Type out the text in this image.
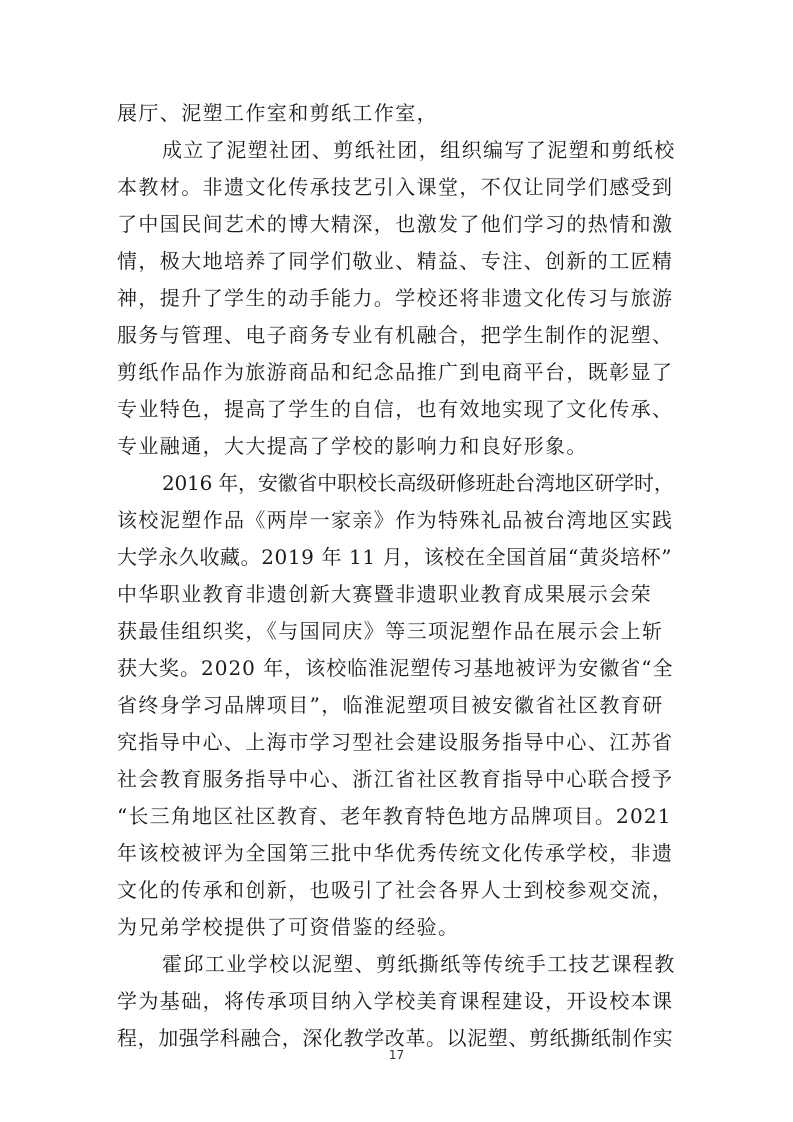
展厅、泥塑工作室和剪纸工作室，
成立了泥塑社团、剪纸社团，组织编写了泥塑和剪纸校
本教材。非遗文化传承技艺引入课堂，不仅让同学们感受到
了中国民间艺术的博大精深，也激发了他们学习的热情和激
情，极大地培养了同学们敬业、精益、专注、创新的工匠精
神，提升了学生的动手能力。学校还将非遗文化传习与旅游
服务与管理、电子商务专业有机融合，把学生制作的泥塑、
剪纸作品作为旅游商品和纪念品推广到电商平台，既彰显了
专业特色，提高了学生的自信，也有效地实现了文化传承、
专业融通，大大提高了学校的影响力和良好形象。
2016 年，安徽省中职校长高级研修班赴台湾地区研学时，
该校泥塑作品《两岸一家亲》作为特殊礼品被台湾地区实践
大学永久收藏。2019 年 11 月，该校在全国首届“黄炎培杯”
中华职业教育非遗创新大赛暨非遗职业教育成果展示会荣
获最佳组织奖，《与国同庆》等三项泥塑作品在展示会上斩
获大奖。2020 年，该校临淮泥塑传习基地被评为安徽省“全
省终身学习品牌项目”，临淮泥塑项目被安徽省社区教育研
究指导中心、上海市学习型社会建设服务指导中心、江苏省
社会教育服务指导中心、浙江省社区教育指导中心联合授予
“长三角地区社区教育、老年教育特色地方品牌项目。2021
年该校被评为全国第三批中华优秀传统文化传承学校，非遗
文化的传承和创新，也吸引了社会各界人士到校参观交流，
为兄弟学校提供了可资借鉴的经验。
霍邱工业学校以泥塑、剪纸撕纸等传统手工技艺课程教
学为基础，将传承项目纳入学校美育课程建设，开设校本课
程，加强学科融合，深化教学改革。以泥塑、剪纸撕纸制作实
17
